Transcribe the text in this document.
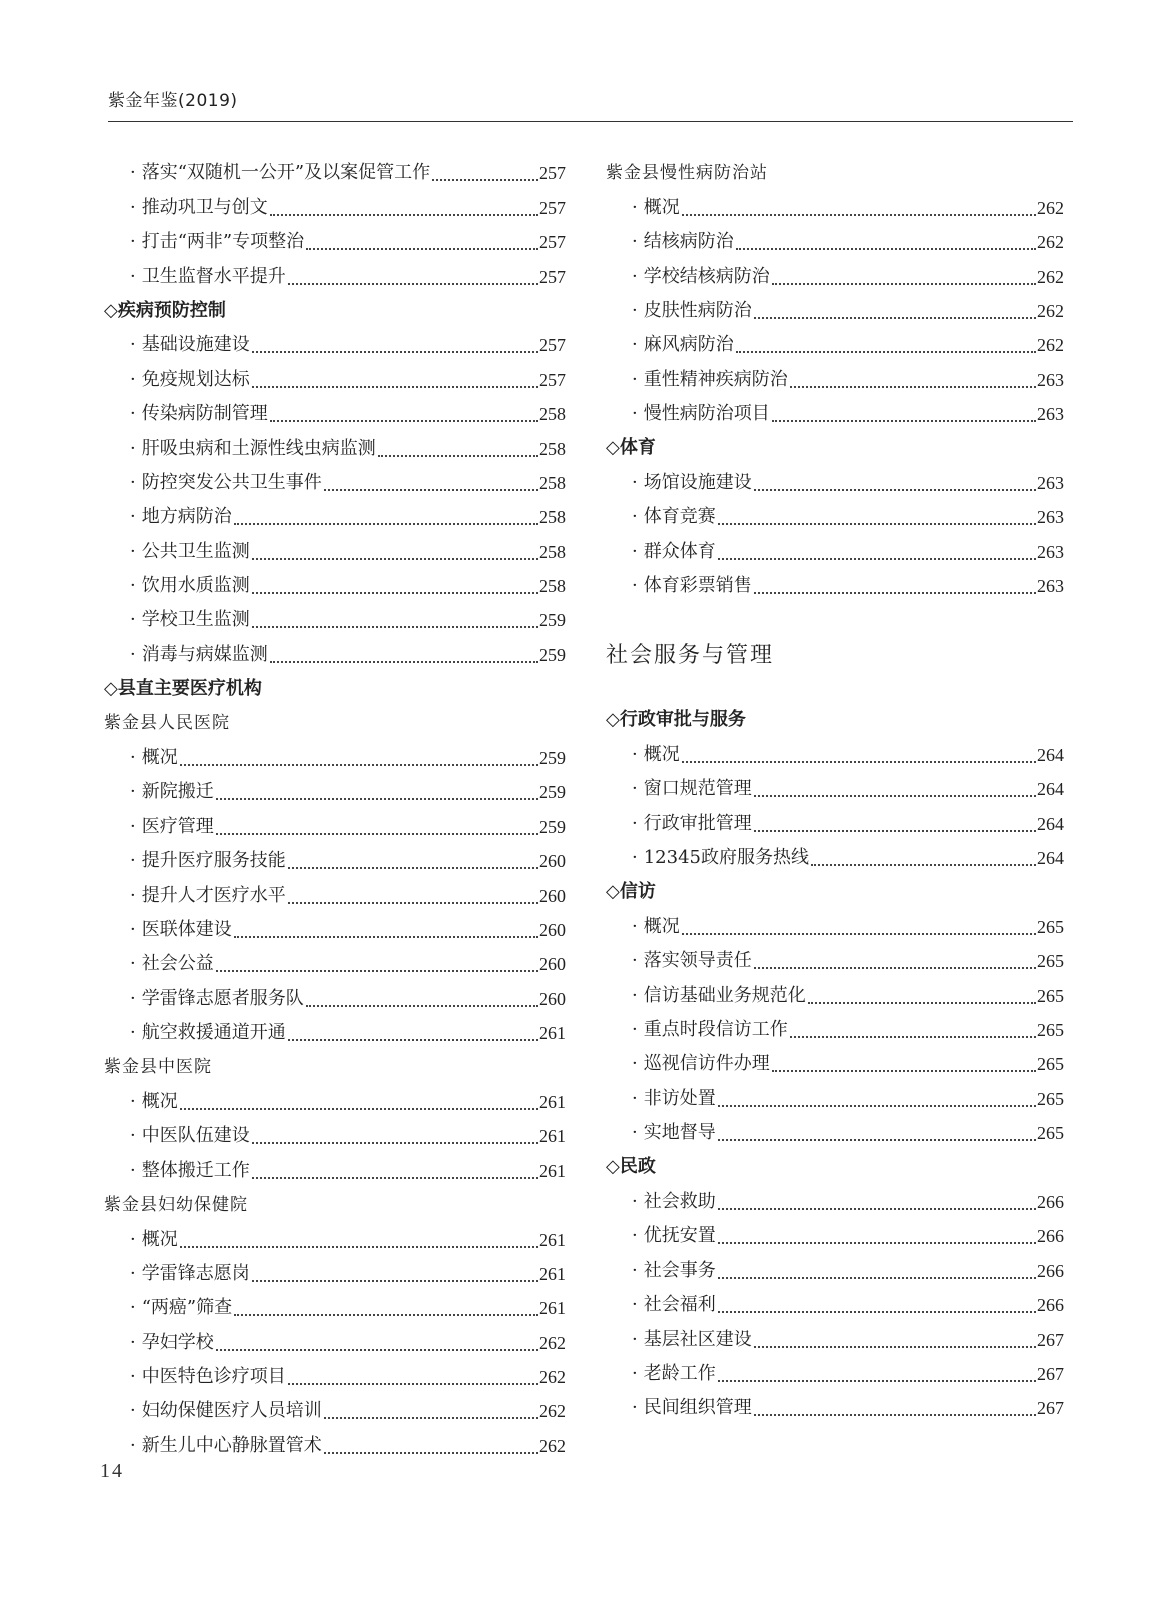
紫金年鉴(2019)
· 落实“双随机一公开”及以案促管工作	257
· 推动巩卫与创文	257
· 打击“两非”专项整治	257
· 卫生监督水平提升	257
◇疾病预防控制
· 基础设施建设	257
· 免疫规划达标	257
· 传染病防制管理	258
· 肝吸虫病和土源性线虫病监测	258
· 防控突发公共卫生事件	258
· 地方病防治	258
· 公共卫生监测	258
· 饮用水质监测	258
· 学校卫生监测	259
· 消毒与病媒监测	259
◇县直主要医疗机构
紫金县人民医院
· 概况	259
· 新院搬迁	259
· 医疗管理	259
· 提升医疗服务技能	260
· 提升人才医疗水平	260
· 医联体建设	260
· 社会公益	260
· 学雷锋志愿者服务队	260
· 航空救援通道开通	261
紫金县中医院
· 概况	261
· 中医队伍建设	261
· 整体搬迁工作	261
紫金县妇幼保健院
· 概况	261
· 学雷锋志愿岗	261
· “两癌”筛查	261
· 孕妇学校	262
· 中医特色诊疗项目	262
· 妇幼保健医疗人员培训	262
· 新生儿中心静脉置管术	262
紫金县慢性病防治站
· 概况	262
· 结核病防治	262
· 学校结核病防治	262
· 皮肤性病防治	262
· 麻风病防治	262
· 重性精神疾病防治	263
· 慢性病防治项目	263
◇体育
· 场馆设施建设	263
· 体育竞赛	263
· 群众体育	263
· 体育彩票销售	263
社会服务与管理
◇行政审批与服务
· 概况	264
· 窗口规范管理	264
· 行政审批管理	264
· 12345政府服务热线	264
◇信访
· 概况	265
· 落实领导责任	265
· 信访基础业务规范化	265
· 重点时段信访工作	265
· 巡视信访件办理	265
· 非访处置	265
· 实地督导	265
◇民政
· 社会救助	266
· 优抚安置	266
· 社会事务	266
· 社会福利	266
· 基层社区建设	267
· 老龄工作	267
· 民间组织管理	267
14
